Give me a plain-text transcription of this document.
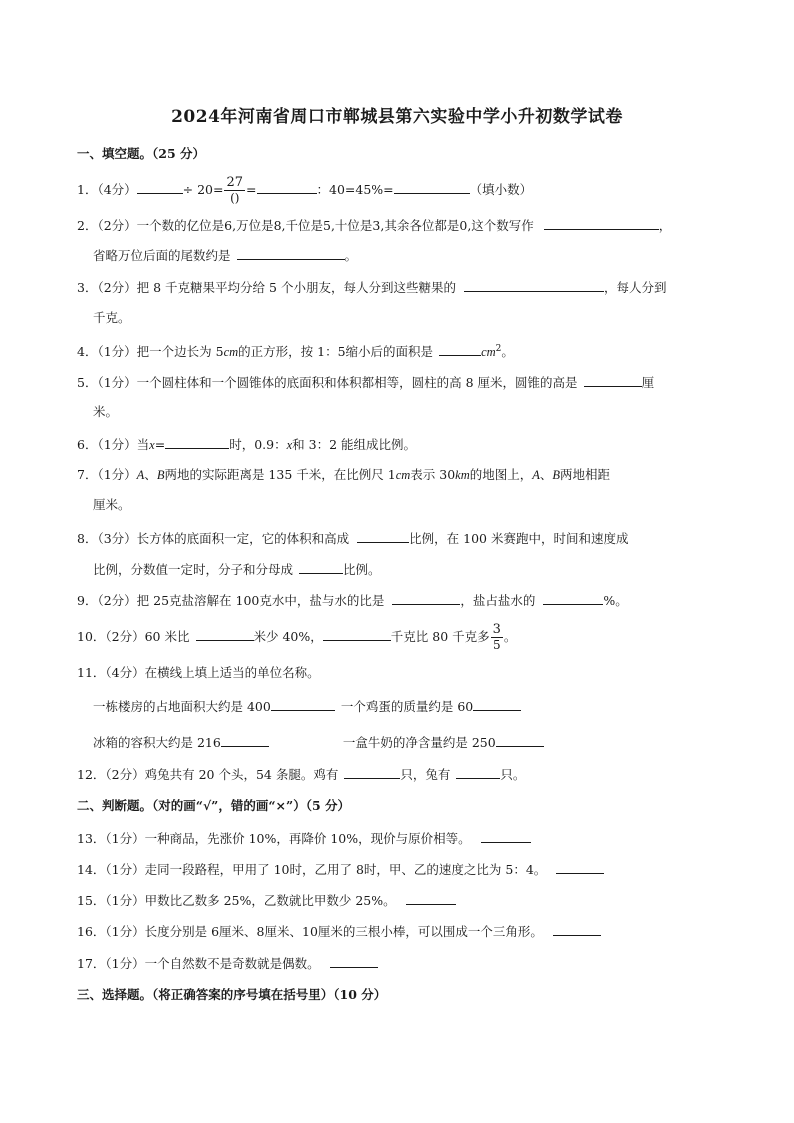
2024年河南省周口市郸城县第六实验中学小升初数学试卷
一、填空题。（25 分）
1．（4分）	÷ $20= \frac{27}{()}$ =	：40=45%=	（填小数）
2．（2分）一个数的亿位是6,万位是8,千位是5,十位是3,其余各位都是0,这个数写作	，
省略万位后面的尾数约是	。
3．（2分）把 8 千克糖果平均分给 5 个小朋友，每人分到这些糖果的	，每人分到
千克。
4．（1分）把一个边长为 5cm的正方形，按 1：5缩小后的面积是	$cm^2$。
5．（1分）一个圆柱体和一个圆锥体的底面积和体积都相等，圆柱的高 8 厘米，圆锥的高是	厘
米。
6．（1分）当x=	时，0.9：x和 3：2 能组成比例。
7．（1分）A、B两地的实际距离是 135 千米，在比例尺 1cm表示 30km的地图上，A、B两地相距
厘米。
8．（3分）长方体的底面积一定，它的体积和高成	比例，在 100 米赛跑中，时间和速度成
比例，分数值一定时，分子和分母成	比例。
9．（2分）把 25克盐溶解在 100克水中，盐与水的比是	，盐占盐水的	%。
10．（2分）60 米比	米少 40%，	千克比 80 千克多 $\frac{3}{5}$ 。
11．（4分）在横线上填上适当的单位名称。
一栋楼房的占地面积大约是 400	一个鸡蛋的质量约是 60
冰箱的容积大约是 216	一盒牛奶的净含量约是 250
12．（2分）鸡兔共有 20 个头，54 条腿。鸡有	只，兔有	只。
二、判断题。（对的画“√”，错的画“×”）（5 分）
13．（1分）一种商品，先涨价 10%，再降价 10%，现价与原价相等。
14．（1分）走同一段路程，甲用了 10时，乙用了 8时，甲、乙的速度之比为 5：4。
15．（1分）甲数比乙数多 25%，乙数就比甲数少 25%。
16．（1分）长度分别是 6厘米、8厘米、10厘米的三根小棒，可以围成一个三角形。
17．（1分）一个自然数不是奇数就是偶数。
三、选择题。（将正确答案的序号填在括号里）（10 分）
